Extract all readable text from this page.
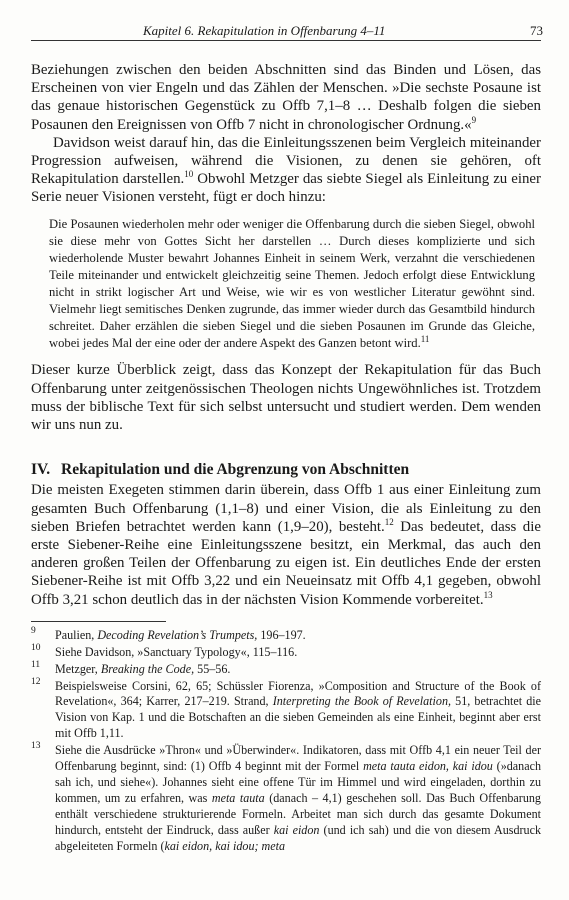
Kapitel 6. Rekapitulation in Offenbarung 4–11	73

Beziehungen zwischen den beiden Abschnitten sind das Binden und Lösen, das Erscheinen von vier Engeln und das Zählen der Menschen. »Die sechste Posaune ist das genaue historischen Gegenstück zu Offb 7,1–8 … Deshalb folgen die sieben Posaunen den Ereignissen von Offb 7 nicht in chronologischer Ordnung.«$^9$

Davidson weist darauf hin, das die Einleitungsszenen beim Vergleich miteinander Progression aufweisen, während die Visionen, zu denen sie gehören, oft Rekapitulation darstellen.$^{10}$ Obwohl Metzger das siebte Siegel als Einleitung zu einer Serie neuer Visionen versteht, fügt er doch hinzu:

Die Posaunen wiederholen mehr oder weniger die Offenbarung durch die sieben Siegel, obwohl sie diese mehr von Gottes Sicht her darstellen … Durch dieses komplizierte und sich wiederholende Muster bewahrt Johannes Einheit in seinem Werk, verzahnt die verschiedenen Teile miteinander und entwickelt gleichzeitig seine Themen. Jedoch erfolgt diese Entwicklung nicht in strikt logischer Art und Weise, wie wir es von westlicher Literatur gewöhnt sind. Vielmehr liegt semitisches Denken zugrunde, das immer wieder durch das Gesamtbild hindurch schreitet. Daher erzählen die sieben Siegel und die sieben Posaunen im Grunde das Gleiche, wobei jedes Mal der eine oder der andere Aspekt des Ganzen betont wird.$^{11}$

Dieser kurze Überblick zeigt, dass das Konzept der Rekapitulation für das Buch Offenbarung unter zeitgenössischen Theologen nichts Ungewöhnliches ist. Trotzdem muss der biblische Text für sich selbst untersucht und studiert werden. Dem wenden wir uns nun zu.

IV. Rekapitulation und die Abgrenzung von Abschnitten

Die meisten Exegeten stimmen darin überein, dass Offb 1 aus einer Einleitung zum gesamten Buch Offenbarung (1,1–8) und einer Vision, die als Einleitung zu den sieben Briefen betrachtet werden kann (1,9–20), besteht.$^{12}$ Das bedeutet, dass die erste Siebener-Reihe eine Einleitungsszene besitzt, ein Merkmal, das auch den anderen großen Teilen der Offenbarung zu eigen ist. Ein deutliches Ende der ersten Siebener-Reihe ist mit Offb 3,22 und ein Neueinsatz mit Offb 4,1 gegeben, obwohl Offb 3,21 schon deutlich das in der nächsten Vision Kommende vorbereitet.$^{13}$

9 Paulien, Decoding Revelation’s Trumpets, 196–197.
10 Siehe Davidson, »Sanctuary Typology«, 115–116.
11 Metzger, Breaking the Code, 55–56.
12 Beispielsweise Corsini, 62, 65; Schüssler Fiorenza, »Composition and Structure of the Book of Revelation«, 364; Karrer, 217–219. Strand, Interpreting the Book of Revelation, 51, betrachtet die Vision von Kap. 1 und die Botschaften an die sieben Gemeinden als eine Einheit, beginnt aber erst mit Offb 1,11.
13 Siehe die Ausdrücke »Thron« und »Überwinder«. Indikatoren, dass mit Offb 4,1 ein neuer Teil der Offenbarung beginnt, sind: (1) Offb 4 beginnt mit der Formel meta tauta eidon, kai idou (»danach sah ich, und siehe«). Johannes sieht eine offene Tür im Himmel und wird eingeladen, dorthin zu kommen, um zu erfahren, was meta tauta (danach – 4,1) geschehen soll. Das Buch Offenbarung enthält verschiedene strukturierende Formeln. Arbeitet man sich durch das gesamte Dokument hindurch, entsteht der Eindruck, dass außer kai eidon (und ich sah) und die von diesem Ausdruck abgeleiteten Formeln (kai eidon, kai idou; meta
